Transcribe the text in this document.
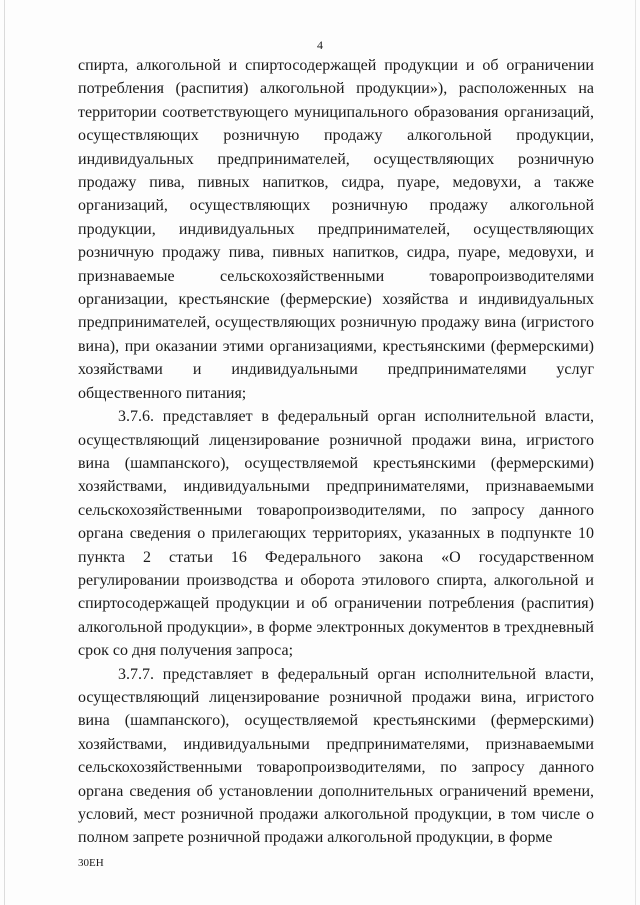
4

спирта, алкогольной и спиртосодержащей продукции и об ограничении потребления (распития) алкогольной продукции»), расположенных на территории соответствующего муниципального образования организаций, осуществляющих розничную продажу алкогольной продукции, индивидуальных предпринимателей, осуществляющих розничную продажу пива, пивных напитков, сидра, пуаре, медовухи, а также организаций, осуществляющих розничную продажу алкогольной продукции, индивидуальных предпринимателей, осуществляющих розничную продажу пива, пивных напитков, сидра, пуаре, медовухи, и признаваемые сельскохозяйственными товаропроизводителями организации, крестьянские (фермерские) хозяйства и индивидуальных предпринимателей, осуществляющих розничную продажу вина (игристого вина), при оказании этими организациями, крестьянскими (фермерскими) хозяйствами и индивидуальными предпринимателями услуг общественного питания;

3.7.6. представляет в федеральный орган исполнительной власти, осуществляющий лицензирование розничной продажи вина, игристого вина (шампанского), осуществляемой крестьянскими (фермерскими) хозяйствами, индивидуальными предпринимателями, признаваемыми сельскохозяйственными товаропроизводителями, по запросу данного органа сведения о прилегающих территориях, указанных в подпункте 10 пункта 2 статьи 16 Федерального закона «О государственном регулировании производства и оборота этилового спирта, алкогольной и спиртосодержащей продукции и об ограничении потребления (распития) алкогольной продукции», в форме электронных документов в трехдневный срок со дня получения запроса;

3.7.7. представляет в федеральный орган исполнительной власти, осуществляющий лицензирование розничной продажи вина, игристого вина (шампанского), осуществляемой крестьянскими (фермерскими) хозяйствами, индивидуальными предпринимателями, признаваемыми сельскохозяйственными товаропроизводителями, по запросу данного органа сведения об установлении дополнительных ограничений времени, условий, мест розничной продажи алкогольной продукции, в том числе о полном запрете розничной продажи алкогольной продукции, в форме

30ЕН
